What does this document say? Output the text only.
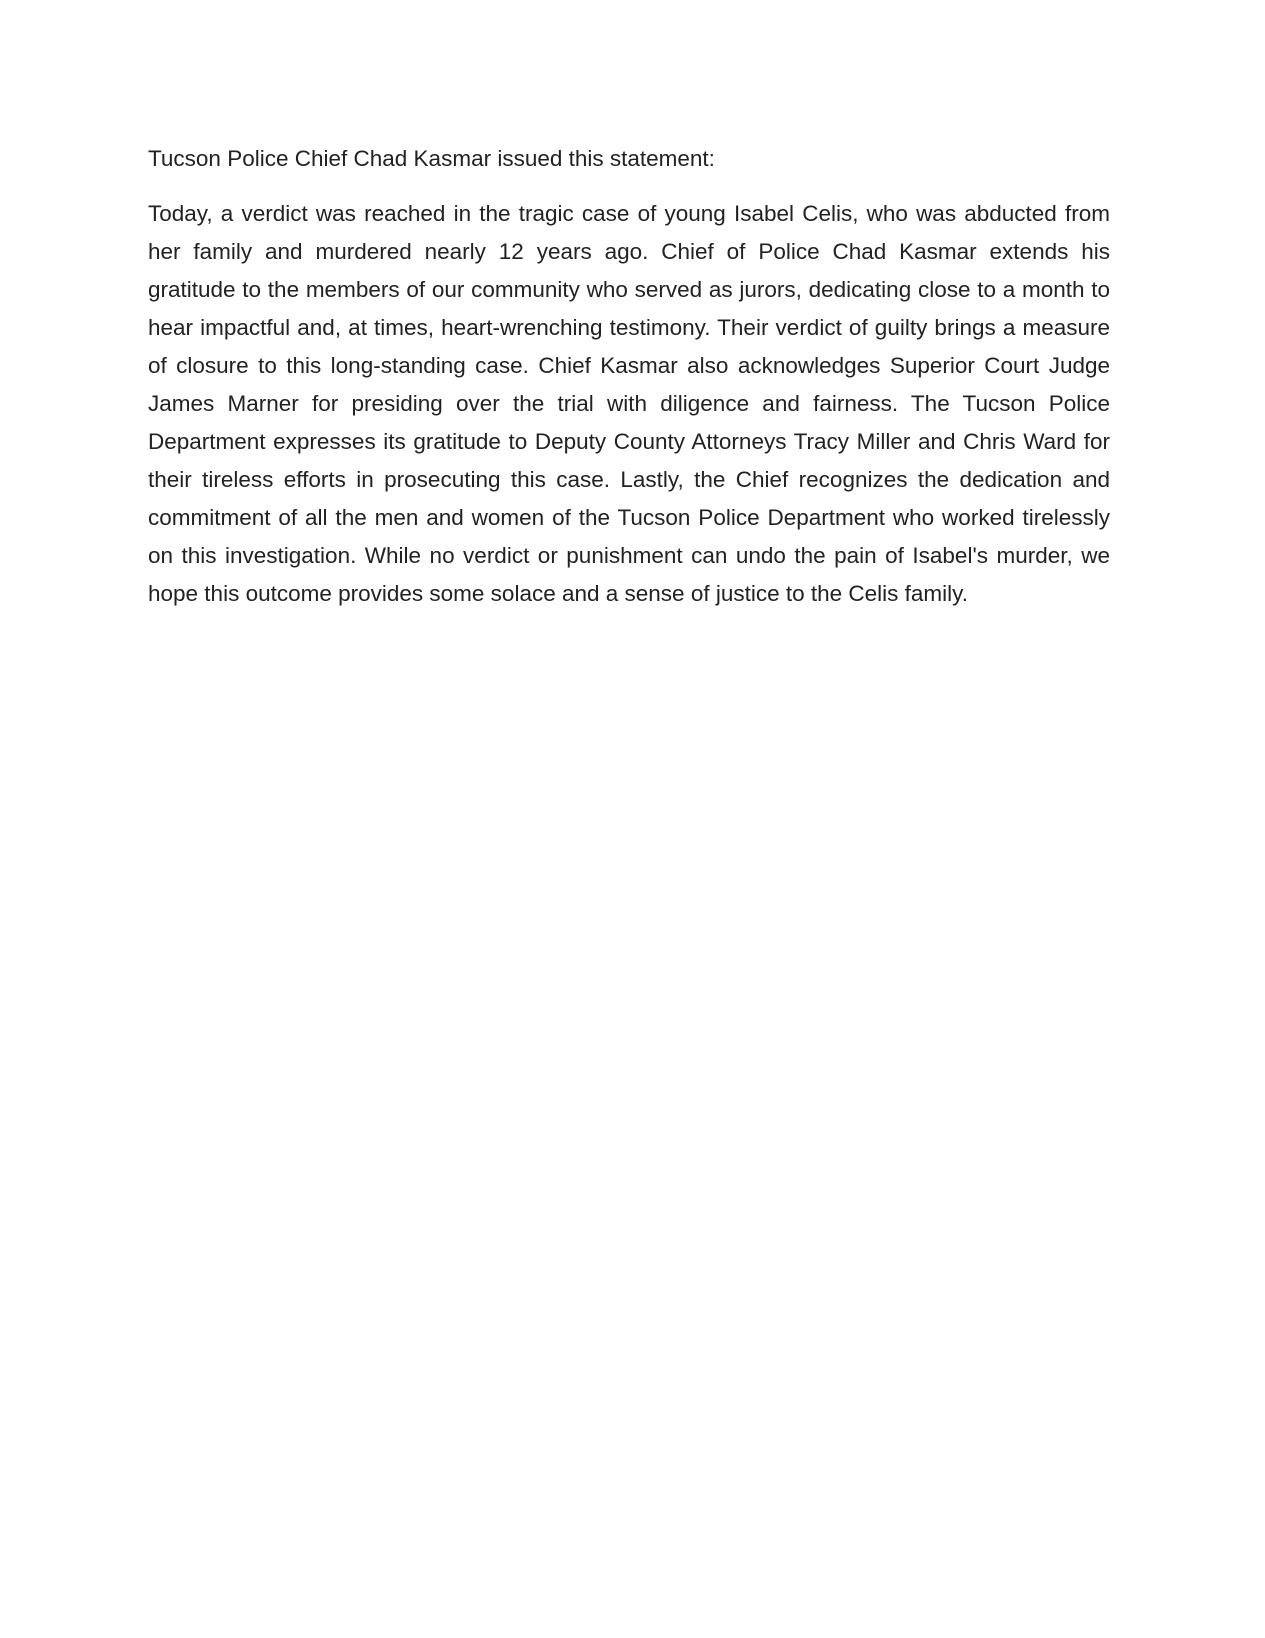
Tucson Police Chief Chad Kasmar issued this statement:

Today, a verdict was reached in the tragic case of young Isabel Celis, who was abducted from her family and murdered nearly 12 years ago. Chief of Police Chad Kasmar extends his gratitude to the members of our community who served as jurors, dedicating close to a month to hear impactful and, at times, heart-wrenching testimony. Their verdict of guilty brings a measure of closure to this long-standing case. Chief Kasmar also acknowledges Superior Court Judge James Marner for presiding over the trial with diligence and fairness. The Tucson Police Department expresses its gratitude to Deputy County Attorneys Tracy Miller and Chris Ward for their tireless efforts in prosecuting this case. Lastly, the Chief recognizes the dedication and commitment of all the men and women of the Tucson Police Department who worked tirelessly on this investigation. While no verdict or punishment can undo the pain of Isabel's murder, we hope this outcome provides some solace and a sense of justice to the Celis family.
